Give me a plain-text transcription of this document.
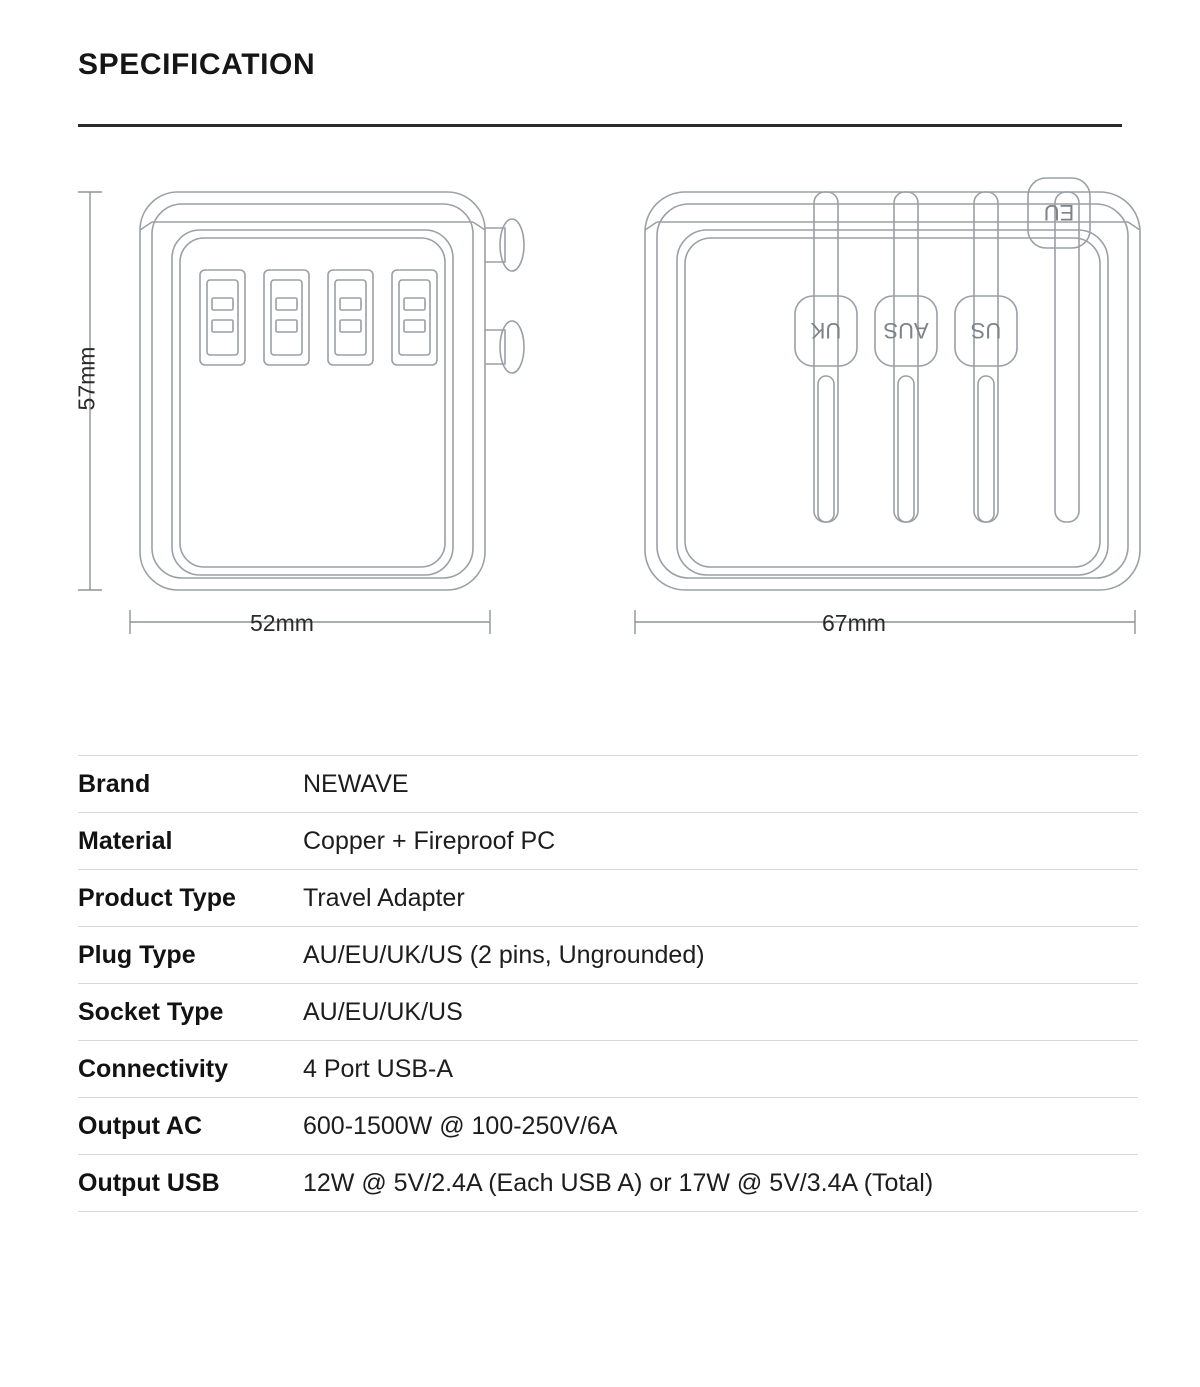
SPECIFICATION
UK AUS US
EU
57mm
52mm	67mm
Brand	NEWAVE
Material	Copper + Fireproof PC
Product Type	Travel Adapter
Plug Type	AU/EU/UK/US (2 pins, Ungrounded)
Socket Type	AU/EU/UK/US
Connectivity	4 Port USB-A
Output AC	600-1500W @ 100-250V/6A
Output USB	12W @ 5V/2.4A (Each USB A) or 17W @ 5V/3.4A (Total)
